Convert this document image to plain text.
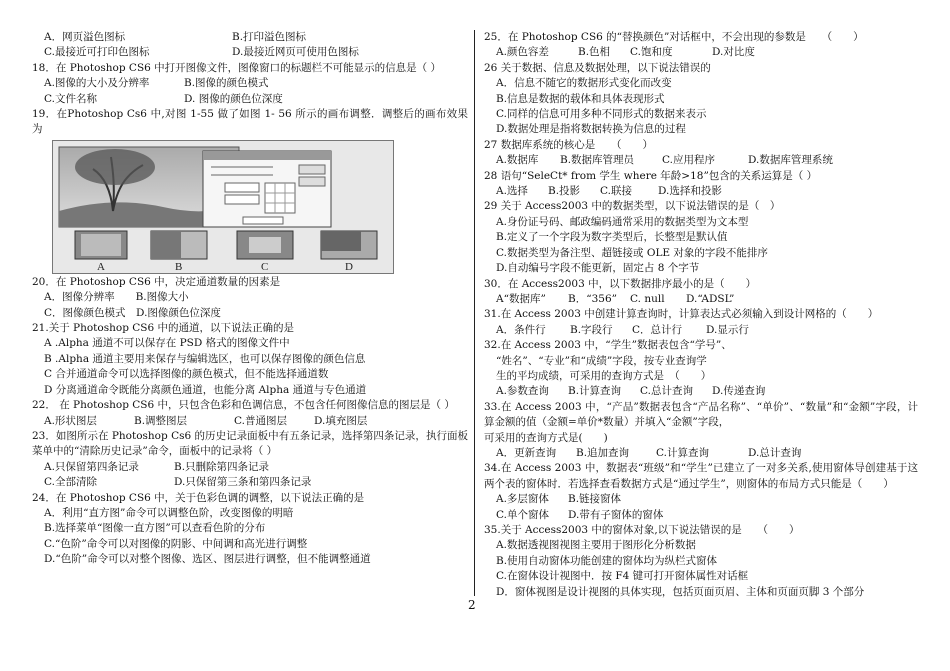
A．网页溢色图标	B.打印溢色图标
C.最接近可打印色图标	D.最接近网页可使用色图标
18．在 Photoshop CS6 中打开图像文件，图像窗口的标题栏不可能显示的信息是（ ）
A.图像的大小及分辨率	B.图像的颜色模式
C.文件名称	D. 图像的颜色位深度
19．在Photoshop Cs6 中,对图 1-55 做了如图 1- 56 所示的画布调整．调整后的画布效果为
A	B	C	D
20．在 Photoshop CS6 中，决定通道数量的因素是
A．图像分辨率　　B.图像大小
C．图像颜色模式　D.图像颜色位深度
21.关于 Photoshop CS6 中的通道，以下说法正确的是
A .Alpha 通道不可以保存在 PSD 格式的图像文件中
B .Alpha 通道主要用来保存与编辑选区，也可以保存图像的颜色信息
C 合并通道命令可以选择图像的颜色模式，但不能选择通道数
D 分离通道命令既能分离颜色通道，也能分离 Alpha 通道与专色通道
22． 在 Photoshop CS6 中，只包含色彩和色调信息，不包含任何图像信息的图层是（ ）
A.形状图层	B.调整图层	C.普通图层	D.填充图层
23．如图所示在 Photoshop Cs6 的历史记录面板中有五条记录，选择第四条记录，执行面板菜单中的“清除历史记录”命令，面板中的记录将（ ）
A.只保留第四条记录	B.只删除第四条记录
C.全部清除	D.只保留第三条和第四条记录
24．在 Photoshop CS6 中，关于色彩色调的调整，以下说法正确的是
A．利用“直方图”命令可以调整色阶，改变图像的明暗
B.选择菜单“图像一直方图”可以查看色阶的分布
C.“色阶”命令可以对图像的阴影、中间调和高光进行调整
D.“色阶”命令可以对整个图像、选区、图层进行调整，但不能调整通道
25．在 Photoshop CS6 的“替换颜色”对话框中，不会出现的参数是　　（　　）
A.颜色容差	B.色相	C.饱和度	D.对比度
26 关于数据、信息及数据处理，以下说法错误的
A．信息不随它的数据形式变化而改变
B.信息是数据的载体和具体表现形式
C.同样的信息可用多种不同形式的数据来表示
D.数据处理是指将数据转换为信息的过程
27 数据库系统的核心是　　（　　）
A.数据库	B.数据库管理员	C.应用程序	D.数据库管理系统
28 语句“SeleCt* from 学生 where 年龄>18”包含的关系运算是（ ）
A.选择	B.投影	C.联接	D.选择和投影
29 关于 Access2003 中的数据类型，以下说法错误的是（　）
A.身份证号码、邮政编码通常采用的数据类型为文本型
B.定义了一个字段为数字类型后，长整型是默认值
C.数据类型为备注型、超链接或 OLE 对象的字段不能排序
D.自动编号字段不能更新，固定占 8 个字节
30．在 Access2003 中，以下数据排序最小的是（　　）
A“数据库”	B．“356”	C. null	D.“ADSL”
31.在 Access 2003 中创建计算查询时，计算表达式必须输入到设计网格的（　　）
A．条件行	B.字段行	C．总计行	D.显示行
32.在 Access 2003 中，“学生”数据表包含“学号”、
“姓名”、“专业”和“成绩”字段，按专业查询学
生的平均成绩，可采用的查询方式是　（　　）
A.参数查询	B.计算查询	C.总计查询	D.传递查询
33.在 Access 2003 中，“产品”数据表包含“产品名称”、“单价”、“数量”和“金额”字段，计算金额的值（金额=单价*数量）并填入“金额”字段，
可采用的查询方式是(　　)
A．更新查询	B.追加查询	C.计算查询	D.总计查询
34.在 Access 2003 中，数据表“班级”和“学生”已建立了一对多关系,使用窗体导创建基于这两个表的窗体时．若选择查看数据方式是“通过学生”，则窗体的布局方式只能是（　　）
A.多层窗体	B.链接窗体
C.单个窗体	D.带有子窗体的窗体
35.关于 Access2003 中的窗体对象,以下说法错误的是　　（　　）
A.数据透视图视图主要用于图形化分析数据
B.使用自动窗体功能创建的窗体均为纵栏式窗体
C.在窗体设计视图中．按 F4 键可打开窗体属性对话框
D．窗体视图是设计视图的具体实现，包括页面页眉、主体和页面页脚 3 个部分
2
